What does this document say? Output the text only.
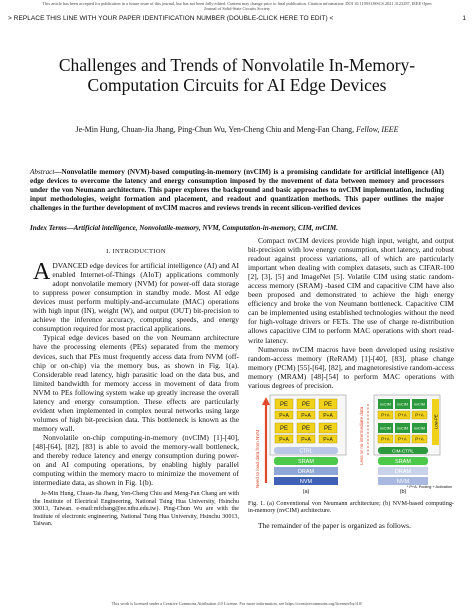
This article has been accepted for publication in a future issue of this journal, but has not been fully edited. Content may change prior to final publication. Citation information: DOI 10.1109/OJSSCS.2021.3123287, IEEE Open
Journal of Solid-State Circuits Society
> REPLACE THIS LINE WITH YOUR PAPER IDENTIFICATION NUMBER (DOUBLE-CLICK HERE TO EDIT) <	1
Challenges and Trends of Nonvolatile In-Memory-Computation Circuits for AI Edge Devices
Je-Min Hung, Chuan-Jia Jhang, Ping-Chun Wu, Yen-Cheng Chiu and Meng-Fan Chang, Fellow, IEEE
Abstract—Nonvolatile memory (NVM)-based computing-in-memory (nvCIM) is a promising candidate for artificial intelligence (AI) edge devices to overcome the latency and energy consumption imposed by the movement of data between memory and processors under the von Neumann architecture. This paper explores the background and basic approaches to nvCIM implementation, including input methodologies, weight formation and placement, and readout and quantization methods. This paper outlines the major challenges in the further development of nvCIM macros and reviews trends in recent silicon-verified devices
Index Terms—Artificial intelligence, Nonvolatile-memory, NVM, Computation-in-memory, CIM, nvCIM.
I. INTRODUCTION

ADVANCED edge devices for artificial intelligence (AI) and AI enabled Internet-of-Things (AIoT) applications commonly adopt nonvolatile memory (NVM) for power-off data storage to suppress power consumption in standby mode. Most AI edge devices must perform multiply-and-accumulate (MAC) operations with high input (IN), weight (W), and output (OUT) bit-precision to achieve the inference accuracy, computing speeds, and energy consumption required for most practical applications.

Typical edge devices based on the von Neumann architecture have the processing elements (PEs) separated from the memory devices, such that PEs must frequently access data from NVM (off-chip or on-chip) via the memory bus, as shown in Fig. 1(a). Considerable read latency, high parasitic load on the data bus, and limited bandwidth for memory access in movement of data from NVM to PEs following system wake up greatly increase the overall latency and energy consumption. These effects are particularly evident when implemented in complex neural networks using large volumes of high bit-precision data. This bottleneck is known as the memory wall.

Nonvolatile on-chip computing-in-memory (nvCIM) [1]-[40], [48]-[64], [82], [83] is able to avoid the memory-wall bottleneck, and thereby reduce latency and energy consumption during power-on and AI computing operations, by enabling highly parallel computing within the memory macro to minimize the movement of intermediate data, as shown in Fig. 1(b).

Je-Min Hung, Chuan-Jia Jhang, Yen-Cheng Chiu and Meng-Fan Chang are with the Institute of Electrical Engineering, National Tsing Hua University, Hsinchu 30013, Taiwan. e-mail:mfchang@ee.nthu.edu.tw). Ping-Chun Wu are with the Institute of electronic engineering, National Tsing Hua University, Hsinchu 30013, Taiwan.

Compact nvCIM devices provide high input, weight, and output bit-precision with low energy consumption, short latency, and robust readout against process variations, all of which are particularly important when dealing with complex datasets, such as CIFAR-100 [2], [3], [5] and ImageNet [5]. Volatile CIM using static random-access memory (SRAM) -based CIM and capacitive CIM have also been proposed and demonstrated to achieve the high energy efficiency and broke the von Neumann bottleneck. Capacitive CIM can be implemented using established technologies without the need for high-voltage drivers or FETs. The use of charge re-distribution allows capacitive CIM to perform MAC operations with short read-write latency.

Numerous nvCIM macros have been developed using resistive random-access memory (ReRAM) [1]-[40], [83], phase change memory (PCM) [55]-[64], [82], and magnetoresistive random-access memory (MRAM) [48]-[54] to perform MAC operations with various degrees of precision.

PE
P+A
PE
P+A
PE
P+A
PE
P+A
PE
P+A
PE
P+A
CTRL
SRAM
DRAM
NVM
Need to load data from NVM
(a)
nvCIM
P+A
nvCIM
P+A
nvCIM
P+A
nvCIM
P+A
nvCIM
P+A
nvCIM
P+A
CIM-CTRL
SRAM
DRAM
NVM
Less or no intermediate data	Low-PE
(b)
* P+A: Pooling + Activation

Fig. 1. (a) Conventional von Neumann architecture; (b) NVM-based computing-in-memory (nvCIM) architecture.

The remainder of the paper is organized as follows.

This work is licensed under a Creative Commons Attribution 4.0 License. For more information, see https://creativecommons.org/licenses/by/4.0/
